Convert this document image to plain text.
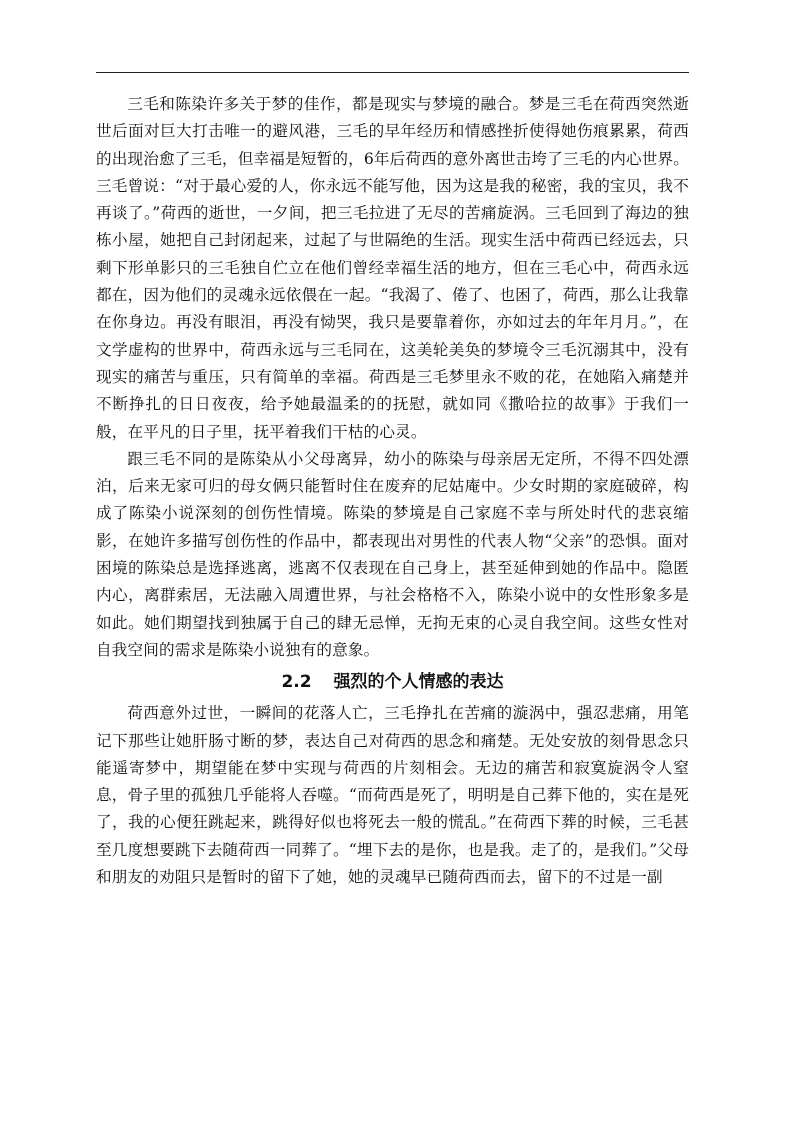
三毛和陈染许多关于梦的佳作，都是现实与梦境的融合。梦是三毛在荷西突然逝世后面对巨大打击唯一的避风港，三毛的早年经历和情感挫折使得她伤痕累累，荷西的出现治愈了三毛，但幸福是短暂的，6年后荷西的意外离世击垮了三毛的内心世界。三毛曾说：“对于最心爱的人，你永远不能写他，因为这是我的秘密，我的宝贝，我不再谈了。”荷西的逝世，一夕间，把三毛拉进了无尽的苦痛旋涡。三毛回到了海边的独栋小屋，她把自己封闭起来，过起了与世隔绝的生活。现实生活中荷西已经远去，只剩下形单影只的三毛独自伫立在他们曾经幸福生活的地方，但在三毛心中，荷西永远都在，因为他们的灵魂永远依偎在一起。“我渴了、倦了、也困了，荷西，那么让我靠在你身边。再没有眼泪，再没有恸哭，我只是要靠着你，亦如过去的年年月月。”，在文学虚构的世界中，荷西永远与三毛同在，这美轮美奂的梦境令三毛沉溺其中，没有现实的痛苦与重压，只有简单的幸福。荷西是三毛梦里永不败的花，在她陷入痛楚并不断挣扎的日日夜夜，给予她最温柔的的抚慰，就如同《撒哈拉的故事》于我们一般，在平凡的日子里，抚平着我们干枯的心灵。

跟三毛不同的是陈染从小父母离异，幼小的陈染与母亲居无定所，不得不四处漂泊，后来无家可归的母女俩只能暂时住在废弃的尼姑庵中。少女时期的家庭破碎，构成了陈染小说深刻的创伤性情境。陈染的梦境是自己家庭不幸与所处时代的悲哀缩影，在她许多描写创伤性的作品中，都表现出对男性的代表人物“父亲”的恐惧。面对困境的陈染总是选择逃离，逃离不仅表现在自己身上，甚至延伸到她的作品中。隐匿内心，离群索居，无法融入周遭世界，与社会格格不入，陈染小说中的女性形象多是如此。她们期望找到独属于自己的肆无忌惮，无拘无束的心灵自我空间。这些女性对自我空间的需求是陈染小说独有的意象。

2.2 强烈的个人情感的表达

荷西意外过世，一瞬间的花落人亡，三毛挣扎在苦痛的漩涡中，强忍悲痛，用笔记下那些让她肝肠寸断的梦，表达自己对荷西的思念和痛楚。无处安放的刻骨思念只能遥寄梦中，期望能在梦中实现与荷西的片刻相会。无边的痛苦和寂寞旋涡令人窒息，骨子里的孤独几乎能将人吞噬。“而荷西是死了，明明是自己葬下他的，实在是死了，我的心便狂跳起来，跳得好似也将死去一般的慌乱。”在荷西下葬的时候，三毛甚至几度想要跳下去随荷西一同葬了。“埋下去的是你，也是我。走了的，是我们。”父母和朋友的劝阻只是暂时的留下了她，她的灵魂早已随荷西而去，留下的不过是一副
